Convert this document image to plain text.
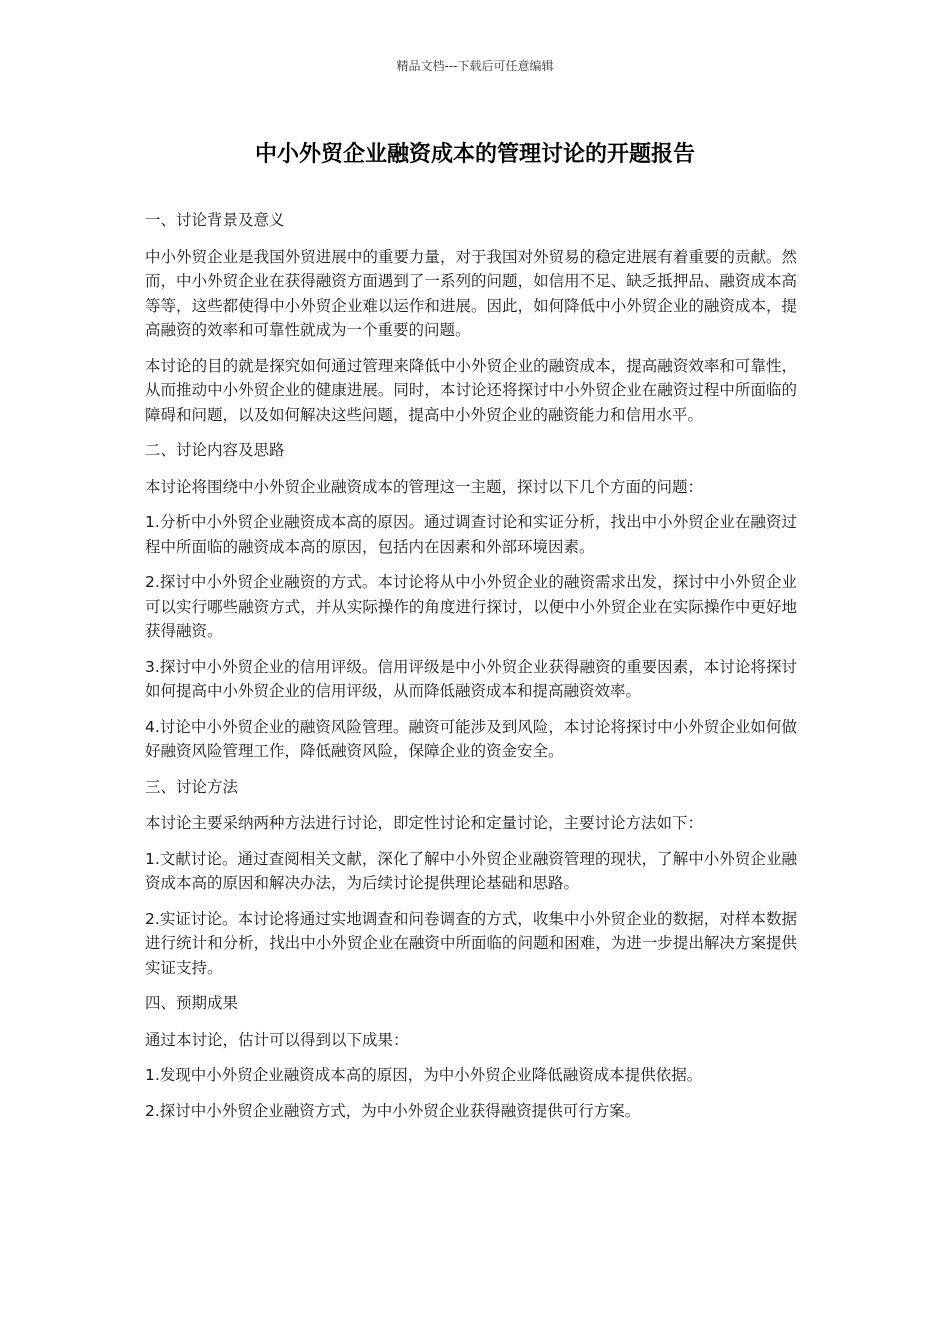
精品文档---下载后可任意编辑
中小外贸企业融资成本的管理讨论的开题报告

一、讨论背景及意义

中小外贸企业是我国外贸进展中的重要力量，对于我国对外贸易的稳定进展有着重要的贡献。然而，中小外贸企业在获得融资方面遇到了一系列的问题，如信用不足、缺乏抵押品、融资成本高等等，这些都使得中小外贸企业难以运作和进展。因此，如何降低中小外贸企业的融资成本，提高融资的效率和可靠性就成为一个重要的问题。

本讨论的目的就是探究如何通过管理来降低中小外贸企业的融资成本，提高融资效率和可靠性，从而推动中小外贸企业的健康进展。同时，本讨论还将探讨中小外贸企业在融资过程中所面临的障碍和问题，以及如何解决这些问题，提高中小外贸企业的融资能力和信用水平。

二、讨论内容及思路

本讨论将围绕中小外贸企业融资成本的管理这一主题，探讨以下几个方面的问题：

1.分析中小外贸企业融资成本高的原因。通过调查讨论和实证分析，找出中小外贸企业在融资过程中所面临的融资成本高的原因，包括内在因素和外部环境因素。

2.探讨中小外贸企业融资的方式。本讨论将从中小外贸企业的融资需求出发，探讨中小外贸企业可以实行哪些融资方式，并从实际操作的角度进行探讨，以便中小外贸企业在实际操作中更好地获得融资。

3.探讨中小外贸企业的信用评级。信用评级是中小外贸企业获得融资的重要因素，本讨论将探讨如何提高中小外贸企业的信用评级，从而降低融资成本和提高融资效率。

4.讨论中小外贸企业的融资风险管理。融资可能涉及到风险，本讨论将探讨中小外贸企业如何做好融资风险管理工作，降低融资风险，保障企业的资金安全。

三、讨论方法

本讨论主要采纳两种方法进行讨论，即定性讨论和定量讨论，主要讨论方法如下：

1.文献讨论。通过查阅相关文献，深化了解中小外贸企业融资管理的现状，了解中小外贸企业融资成本高的原因和解决办法，为后续讨论提供理论基础和思路。

2.实证讨论。本讨论将通过实地调查和问卷调查的方式，收集中小外贸企业的数据，对样本数据进行统计和分析，找出中小外贸企业在融资中所面临的问题和困难，为进一步提出解决方案提供实证支持。

四、预期成果

通过本讨论，估计可以得到以下成果：

1.发现中小外贸企业融资成本高的原因，为中小外贸企业降低融资成本提供依据。

2.探讨中小外贸企业融资方式，为中小外贸企业获得融资提供可行方案。
